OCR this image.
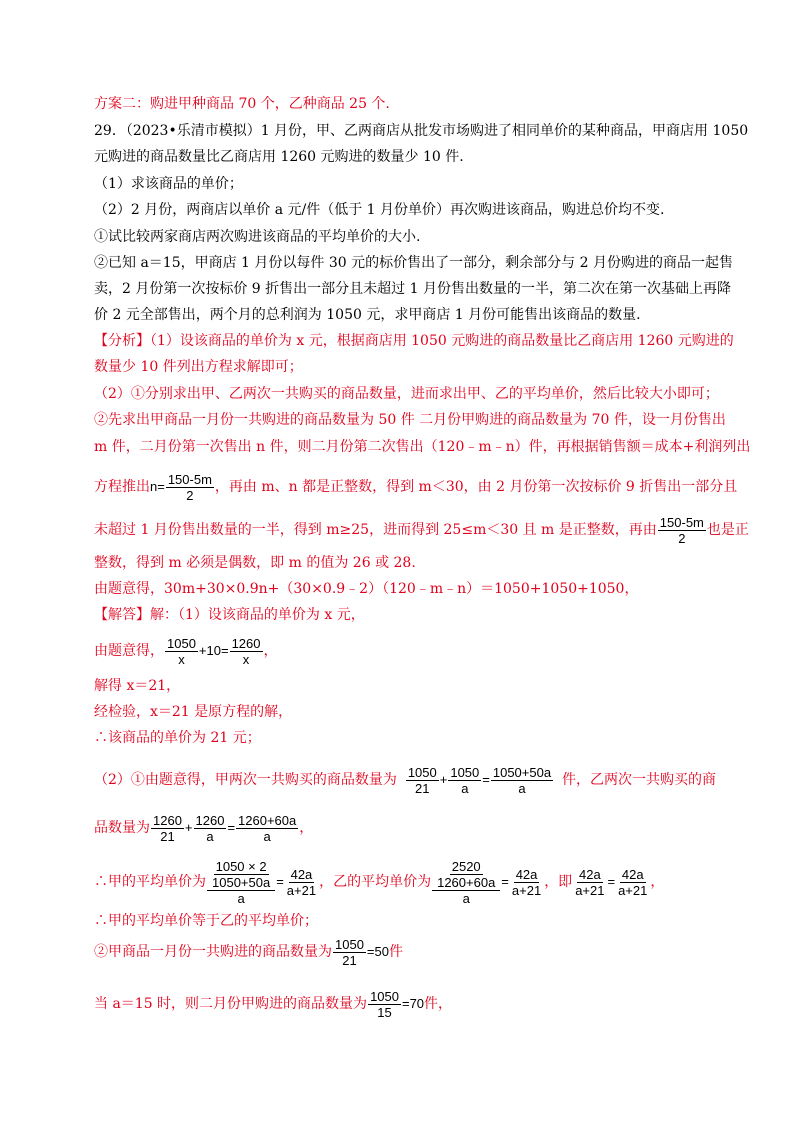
方案二：购进甲种商品 70 个，乙种商品 25 个.
29．（2023•乐清市模拟）1 月份，甲、乙两商店从批发市场购进了相同单价的某种商品，甲商店用 1050
元购进的商品数量比乙商店用 1260 元购进的数量少 10 件.
（1）求该商品的单价；
（2）2 月份，两商店以单价 a 元/件（低于 1 月份单价）再次购进该商品，购进总价均不变.
①试比较两家商店两次购进该商品的平均单价的大小.
②已知 a＝15，甲商店 1 月份以每件 30 元的标价售出了一部分，剩余部分与 2 月份购进的商品一起售
卖，2 月份第一次按标价 9 折售出一部分且未超过 1 月份售出数量的一半，第二次在第一次基础上再降
价 2 元全部售出，两个月的总利润为 1050 元，求甲商店 1 月份可能售出该商品的数量.
【分析】（1）设该商品的单价为 x 元，根据商店用 1050 元购进的商品数量比乙商店用 1260 元购进的
数量少 10 件列出方程求解即可；
（2）①分别求出甲、乙两次一共购买的商品数量，进而求出甲、乙的平均单价，然后比较大小即可；
②先求出甲商品一月份一共购进的商品数量为 50 件 二月份甲购进的商品数量为 70 件，设一月份售出
m 件，二月份第一次售出 n 件，则二月份第二次售出（120﹣m﹣n）件，再根据销售额＝成本+利润列出
方程推出 $n= \frac{150-5m}{2}$ ，再由 m、n 都是正整数，得到 m＜30，由 2 月份第一次按标价 9 折售出一部分且
未超过 1 月份售出数量的一半，得到 m≥25，进而得到 25≤m＜30 且 m 是正整数，再由 $\frac{150-5m}{2}$ 也是正
整数，得到 m 必须是偶数，即 m 的值为 26 或 28.
由题意得，30m+30×0.9n+（30×0.9﹣2）（120﹣m﹣n）＝1050+1050+1050，
【解答】解：（1）设该商品的单价为 x 元，
由题意得， $\frac{1050}{x} +10= \frac{1260}{x}$ ，
解得 x＝21，
经检验，x＝21 是原方程的解，
∴该商品的单价为 21 元；
（2）①由题意得，甲两次一共购买的商品数量为 $\frac{1050}{21} + \frac{1050}{a} = \frac{1050+50a}{a}$ 件，乙两次一共购买的商
品数量为 $\frac{1260}{21} + \frac{1260}{a} = \frac{1260+60a}{a}$ ，
∴甲的平均单价为 $\frac{\frac{1050 \times 2}{1050+50a}}{a} = \frac{42a}{a+21}$ ，乙的平均单价为 $\frac{\frac{2520}{1260+60a}}{a} = \frac{42a}{a+21}$ ，即 $\frac{42a}{a+21} = \frac{42a}{a+21}$ ，
∴甲的平均单价等于乙的平均单价；
②甲商品一月份一共购进的商品数量为 $\frac{1050}{21} =50$ 件
当 a＝15 时，则二月份甲购进的商品数量为 $\frac{1050}{15} =70$ 件，
